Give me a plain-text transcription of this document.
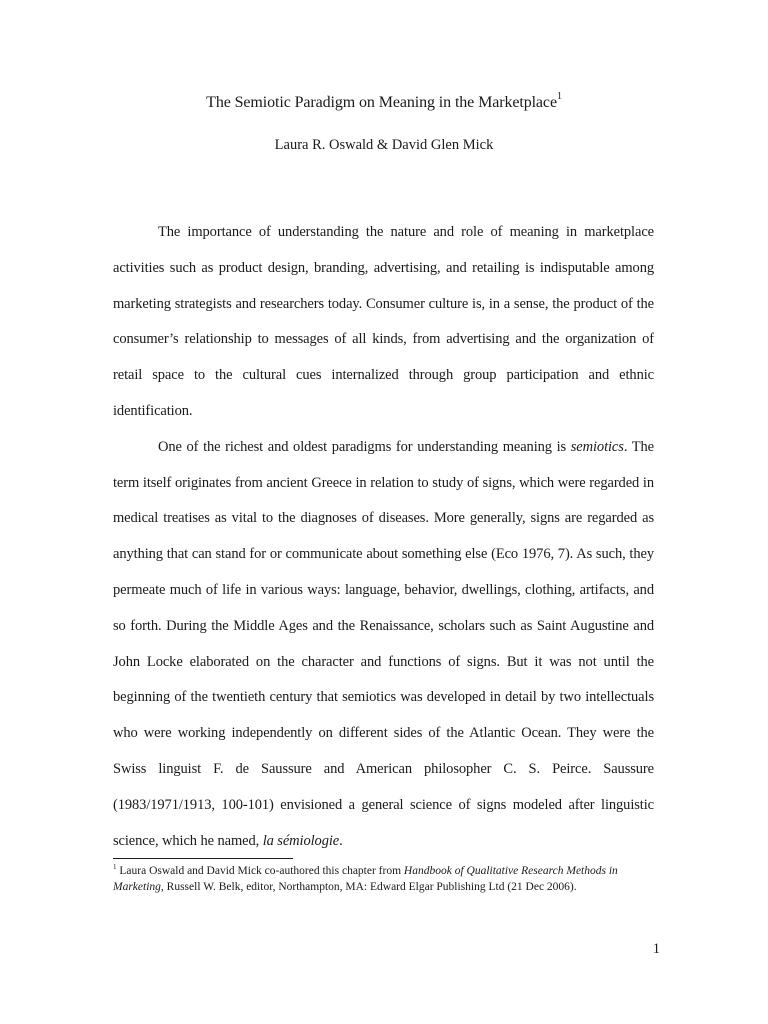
The Semiotic Paradigm on Meaning in the Marketplace$^1$
Laura R. Oswald & David Glen Mick

The importance of understanding the nature and role of meaning in marketplace activities such as product design, branding, advertising, and retailing is indisputable among marketing strategists and researchers today. Consumer culture is, in a sense, the product of the consumer’s relationship to messages of all kinds, from advertising and the organization of retail space to the cultural cues internalized through group participation and ethnic identification.

One of the richest and oldest paradigms for understanding meaning is semiotics. The term itself originates from ancient Greece in relation to study of signs, which were regarded in medical treatises as vital to the diagnoses of diseases. More generally, signs are regarded as anything that can stand for or communicate about something else (Eco 1976, 7). As such, they permeate much of life in various ways: language, behavior, dwellings, clothing, artifacts, and so forth. During the Middle Ages and the Renaissance, scholars such as Saint Augustine and John Locke elaborated on the character and functions of signs. But it was not until the beginning of the twentieth century that semiotics was developed in detail by two intellectuals who were working independently on different sides of the Atlantic Ocean. They were the Swiss linguist F. de Saussure and American philosopher C. S. Peirce. Saussure (1983/1971/1913, 100-101) envisioned a general science of signs modeled after linguistic science, which he named, la sémiologie.

$^1$ Laura Oswald and David Mick co-authored this chapter from Handbook of Qualitative Research Methods in Marketing, Russell W. Belk, editor, Northampton, MA: Edward Elgar Publishing Ltd (21 Dec 2006).
1
